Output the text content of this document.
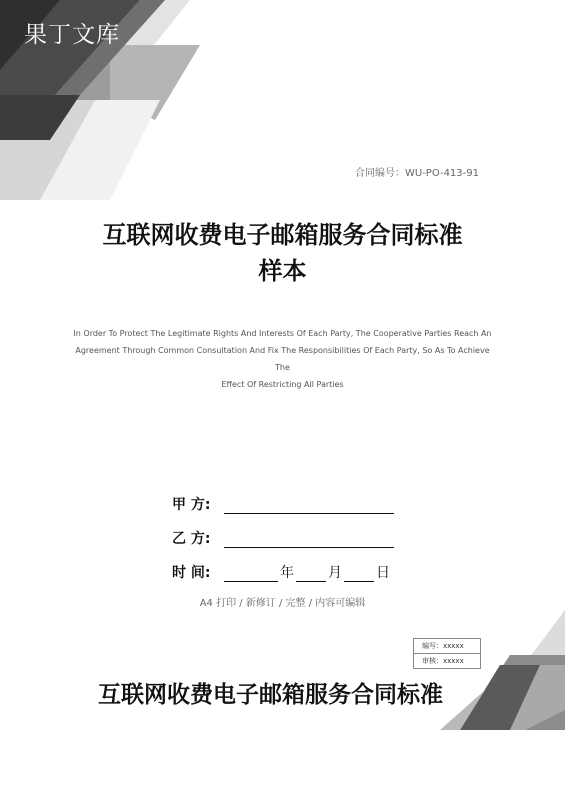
果丁文库
合同编号：WU-PO-413-91
互联网收费电子邮箱服务合同标准
样本
In Order To Protect The Legitimate Rights And Interests Of Each Party, The Cooperative Parties Reach An
Agreement Through Common Consultation And Fix The Responsibilities Of Each Party, So As To Achieve The
Effect Of Restricting All Parties
甲 方:
乙 方:
时 间:	年 月 日
A4 打印 / 新修订 / 完整 / 内容可编辑
编写：xxxxx
审核：xxxxx
互联网收费电子邮箱服务合同标准
